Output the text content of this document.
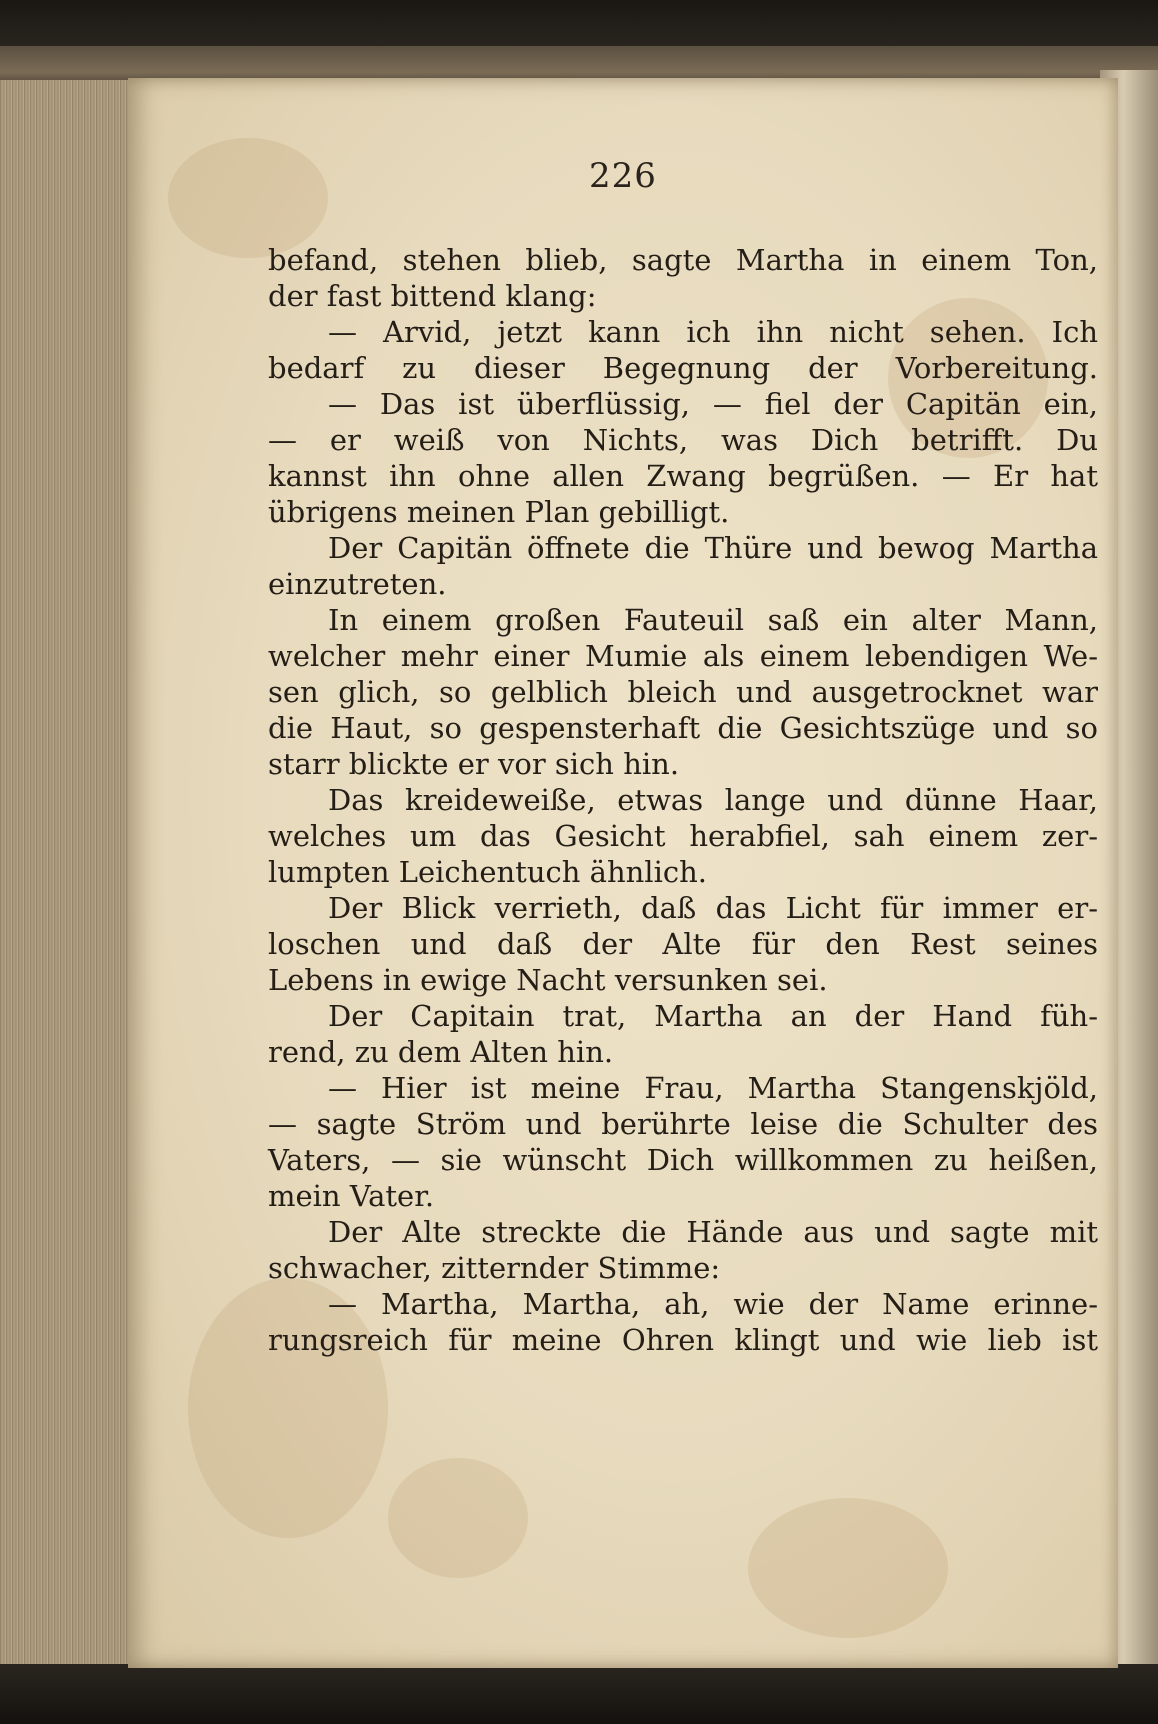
226
befand, stehen blieb, sagte Martha in einem Ton,
der fast bittend klang:
— Arvid, jetzt kann ich ihn nicht sehen. Ich
bedarf zu dieser Begegnung der Vorbereitung.
— Das ist überflüssig, — fiel der Capitän ein,
— er weiß von Nichts, was Dich betrifft. Du
kannst ihn ohne allen Zwang begrüßen. — Er hat
übrigens meinen Plan gebilligt.
Der Capitän öffnete die Thüre und bewog Martha
einzutreten.
In einem großen Fauteuil saß ein alter Mann,
welcher mehr einer Mumie als einem lebendigen We-
sen glich, so gelblich bleich und ausgetrocknet war
die Haut, so gespensterhaft die Gesichtszüge und so
starr blickte er vor sich hin.
Das kreideweiße, etwas lange und dünne Haar,
welches um das Gesicht herabfiel, sah einem zer-
lumpten Leichentuch ähnlich.
Der Blick verrieth, daß das Licht für immer er-
loschen und daß der Alte für den Rest seines
Lebens in ewige Nacht versunken sei.
Der Capitain trat, Martha an der Hand füh-
rend, zu dem Alten hin.
— Hier ist meine Frau, Martha Stangenskjöld,
— sagte Ström und berührte leise die Schulter des
Vaters, — sie wünscht Dich willkommen zu heißen,
mein Vater.
Der Alte streckte die Hände aus und sagte mit
schwacher, zitternder Stimme:
— Martha, Martha, ah, wie der Name erinne-
rungsreich für meine Ohren klingt und wie lieb ist
